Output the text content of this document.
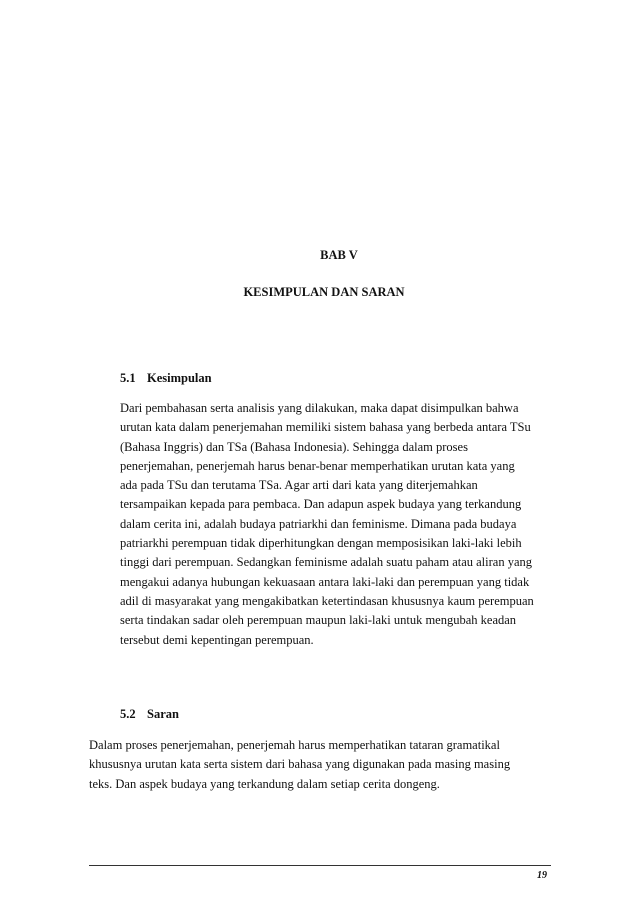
BAB V
KESIMPULAN DAN SARAN
5.1 Kesimpulan
Dari pembahasan serta analisis yang dilakukan, maka dapat disimpulkan bahwa
urutan kata dalam penerjemahan memiliki sistem bahasa yang berbeda antara TSu
(Bahasa Inggris) dan TSa (Bahasa Indonesia). Sehingga dalam proses
penerjemahan, penerjemah harus benar-benar memperhatikan urutan kata yang
ada pada TSu dan terutama TSa. Agar arti dari kata yang diterjemahkan
tersampaikan kepada para pembaca. Dan adapun aspek budaya yang terkandung
dalam cerita ini, adalah budaya patriarkhi dan feminisme. Dimana pada budaya
patriarkhi perempuan tidak diperhitungkan dengan memposisikan laki-laki lebih
tinggi dari perempuan. Sedangkan feminisme adalah suatu paham atau aliran yang
mengakui adanya hubungan kekuasaan antara laki-laki dan perempuan yang tidak
adil di masyarakat yang mengakibatkan ketertindasan khususnya kaum perempuan
serta tindakan sadar oleh perempuan maupun laki-laki untuk mengubah keadan
tersebut demi kepentingan perempuan.
5.2 Saran
Dalam proses penerjemahan, penerjemah harus memperhatikan tataran gramatikal
khususnya urutan kata serta sistem dari bahasa yang digunakan pada masing masing
teks. Dan aspek budaya yang terkandung dalam setiap cerita dongeng.
19
